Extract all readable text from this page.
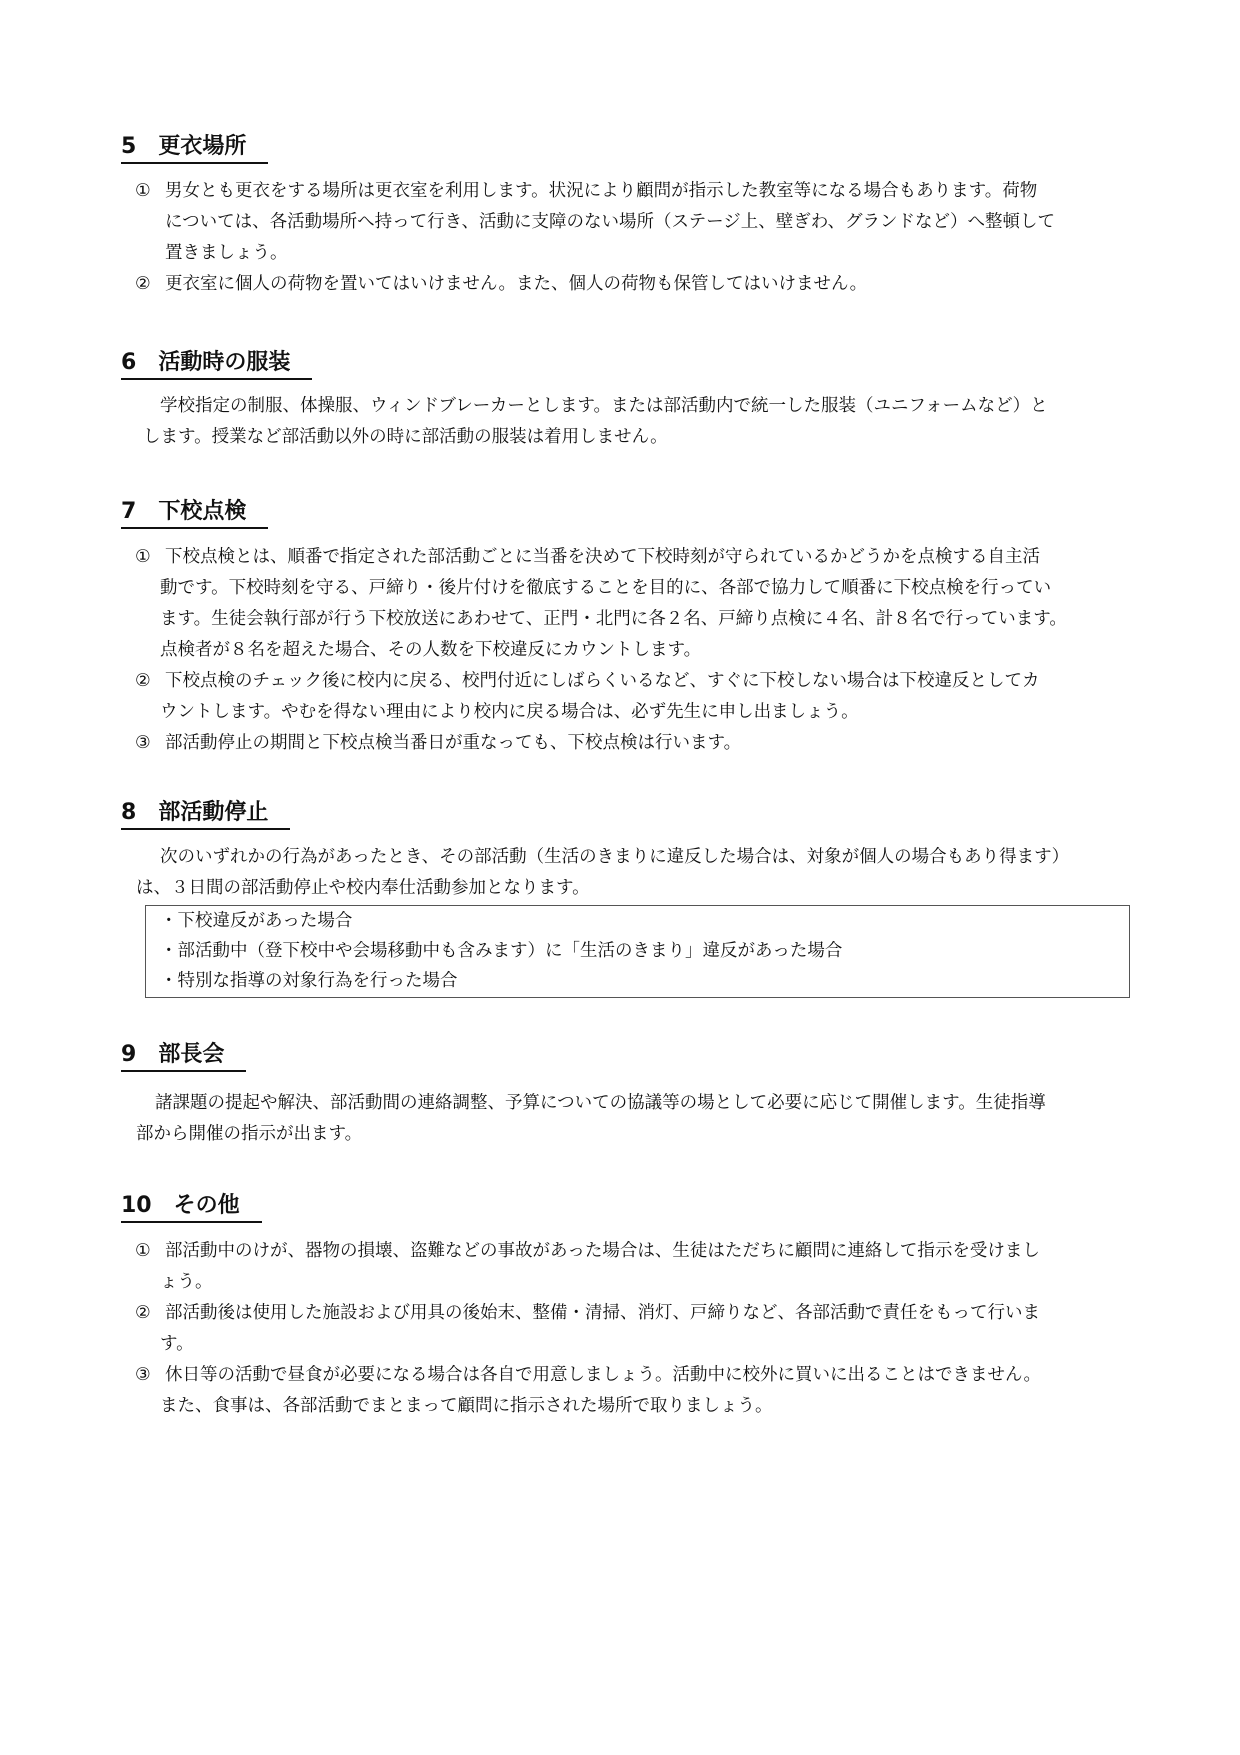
5 更衣場所
① 男女とも更衣をする場所は更衣室を利用します。状況により顧問が指示した教室等になる場合もあります。荷物
については、各活動場所へ持って行き、活動に支障のない場所（ステージ上、壁ぎわ、グランドなど）へ整頓して
置きましょう。
② 更衣室に個人の荷物を置いてはいけません。また、個人の荷物も保管してはいけません。
6 活動時の服装
学校指定の制服、体操服、ウィンドブレーカーとします。または部活動内で統一した服装（ユニフォームなど）と
します。授業など部活動以外の時に部活動の服装は着用しません。
7 下校点検
① 下校点検とは、順番で指定された部活動ごとに当番を決めて下校時刻が守られているかどうかを点検する自主活
動です。下校時刻を守る、戸締り・後片付けを徹底することを目的に、各部で協力して順番に下校点検を行ってい
ます。生徒会執行部が行う下校放送にあわせて、正門・北門に各２名、戸締り点検に４名、計８名で行っています。
点検者が８名を超えた場合、その人数を下校違反にカウントします。
② 下校点検のチェック後に校内に戻る、校門付近にしばらくいるなど、すぐに下校しない場合は下校違反としてカ
ウントします。やむを得ない理由により校内に戻る場合は、必ず先生に申し出ましょう。
③ 部活動停止の期間と下校点検当番日が重なっても、下校点検は行います。
8 部活動停止
次のいずれかの行為があったとき、その部活動（生活のきまりに違反した場合は、対象が個人の場合もあり得ます）
は、３日間の部活動停止や校内奉仕活動参加となります。
・下校違反があった場合
・部活動中（登下校中や会場移動中も含みます）に「生活のきまり」違反があった場合
・特別な指導の対象行為を行った場合
9 部長会
諸課題の提起や解決、部活動間の連絡調整、予算についての協議等の場として必要に応じて開催します。生徒指導
部から開催の指示が出ます。
10 その他
① 部活動中のけが、器物の損壊、盗難などの事故があった場合は、生徒はただちに顧問に連絡して指示を受けまし
ょう。
② 部活動後は使用した施設および用具の後始末、整備・清掃、消灯、戸締りなど、各部活動で責任をもって行いま
す。
③ 休日等の活動で昼食が必要になる場合は各自で用意しましょう。活動中に校外に買いに出ることはできません。
また、食事は、各部活動でまとまって顧問に指示された場所で取りましょう。
